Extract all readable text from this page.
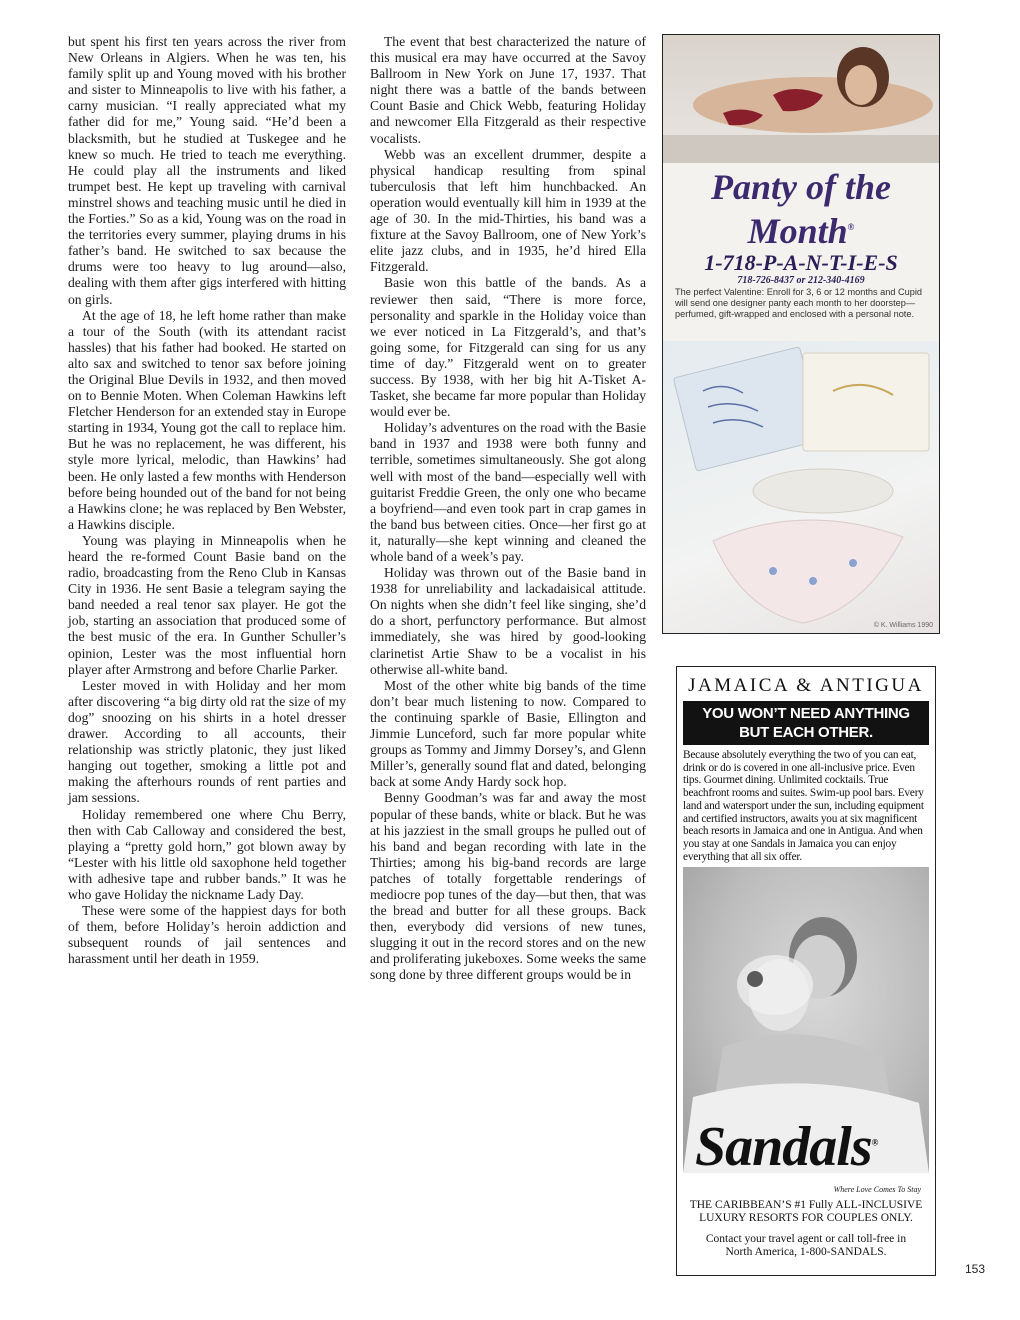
but spent his first ten years across the river from New Orleans in Algiers. When he was ten, his family split up and Young moved with his brother and sister to Minneapolis to live with his father, a carny musician. “I really appreciated what my father did for me,” Young said. “He’d been a blacksmith, but he studied at Tuskegee and he knew so much. He tried to teach me everything. He could play all the instruments and liked trumpet best. He kept up traveling with carnival minstrel shows and teaching music until he died in the Forties.” So as a kid, Young was on the road in the territories every summer, playing drums in his father’s band. He switched to sax because the drums were too heavy to lug around—also, dealing with them after gigs interfered with hitting on girls.

At the age of 18, he left home rather than make a tour of the South (with its attendant racist hassles) that his father had booked. He started on alto sax and switched to tenor sax before joining the Original Blue Devils in 1932, and then moved on to Bennie Moten. When Coleman Hawkins left Fletcher Henderson for an extended stay in Europe starting in 1934, Young got the call to replace him. But he was no replacement, he was different, his style more lyrical, melodic, than Hawkins’ had been. He only lasted a few months with Henderson before being hounded out of the band for not being a Hawkins clone; he was replaced by Ben Webster, a Hawkins disciple.

Young was playing in Minneapolis when he heard the re-formed Count Basie band on the radio, broadcasting from the Reno Club in Kansas City in 1936. He sent Basie a telegram saying the band needed a real tenor sax player. He got the job, starting an association that produced some of the best music of the era. In Gunther Schuller’s opinion, Lester was the most influential horn player after Armstrong and before Charlie Parker.

Lester moved in with Holiday and her mom after discovering “a big dirty old rat the size of my dog” snoozing on his shirts in a hotel dresser drawer. According to all accounts, their relationship was strictly platonic, they just liked hanging out together, smoking a little pot and making the afterhours rounds of rent parties and jam sessions.

Holiday remembered one where Chu Berry, then with Cab Calloway and considered the best, playing a “pretty gold horn,” got blown away by “Lester with his little old saxophone held together with adhesive tape and rubber bands.” It was he who gave Holiday the nickname Lady Day.

These were some of the happiest days for both of them, before Holiday’s heroin addiction and subsequent rounds of jail sentences and harassment until her death in 1959.

The event that best characterized the nature of this musical era may have occurred at the Savoy Ballroom in New York on June 17, 1937. That night there was a battle of the bands between Count Basie and Chick Webb, featuring Holiday and newcomer Ella Fitzgerald as their respective vocalists.

Webb was an excellent drummer, despite a physical handicap resulting from spinal tuberculosis that left him hunchbacked. An operation would eventually kill him in 1939 at the age of 30. In the mid-Thirties, his band was a fixture at the Savoy Ballroom, one of New York’s elite jazz clubs, and in 1935, he’d hired Ella Fitzgerald.

Basie won this battle of the bands. As a reviewer then said, “There is more force, personality and sparkle in the Holiday voice than we ever noticed in La Fitzgerald’s, and that’s going some, for Fitzgerald can sing for us any time of day.” Fitzgerald went on to greater success. By 1938, with her big hit A-Tisket A-Tasket, she became far more popular than Holiday would ever be.

Holiday’s adventures on the road with the Basie band in 1937 and 1938 were both funny and terrible, sometimes simultaneously. She got along well with most of the band—especially well with guitarist Freddie Green, the only one who became a boyfriend—and even took part in crap games in the band bus between cities. Once—her first go at it, naturally—she kept winning and cleaned the whole band of a week’s pay.

Holiday was thrown out of the Basie band in 1938 for unreliability and lackadaisical attitude. On nights when she didn’t feel like singing, she’d do a short, perfunctory performance. But almost immediately, she was hired by good-looking clarinetist Artie Shaw to be a vocalist in his otherwise all-white band.

Most of the other white big bands of the time don’t bear much listening to now. Compared to the continuing sparkle of Basie, Ellington and Jimmie Lunceford, such far more popular white groups as Tommy and Jimmy Dorsey’s, and Glenn Miller’s, generally sound flat and dated, belonging back at some Andy Hardy sock hop.

Benny Goodman’s was far and away the most popular of these bands, white or black. But he was at his jazziest in the small groups he pulled out of his band and began recording with late in the Thirties; among his big-band records are large patches of totally forgettable renderings of mediocre pop tunes of the day—but then, that was the bread and butter for all these groups. Back then, everybody did versions of new tunes, slugging it out in the record stores and on the new and proliferating jukeboxes. Some weeks the same song done by three different groups would be in

Panty of the Month®
1-718-P-A-N-T-I-E-S
718-726-8437 or 212-340-4169
The perfect Valentine: Enroll for 3, 6 or 12 months and Cupid will send one designer panty each month to her doorstep—perfumed, gift-wrapped and enclosed with a personal note.
© K. Williams 1990
JAMAICA & ANTIGUA
YOU WON’T NEED ANYTHING
BUT EACH OTHER.
Because absolutely everything the two of you can eat, drink or do is covered in one all-inclusive price. Even tips. Gourmet dining. Unlimited cocktails. True beachfront rooms and suites. Swim-up pool bars. Every land and watersport under the sun, including equipment and certified instructors, awaits you at six magnificent beach resorts in Jamaica and one in Antigua. And when you stay at one Sandals in Jamaica you can enjoy everything that all six offer.
Sandals®
Where Love Comes To Stay
THE CARIBBEAN’S #1 Fully ALL-INCLUSIVE
LUXURY RESORTS FOR COUPLES ONLY.
Contact your travel agent or call toll-free in
North America, 1-800-SANDALS.
153
